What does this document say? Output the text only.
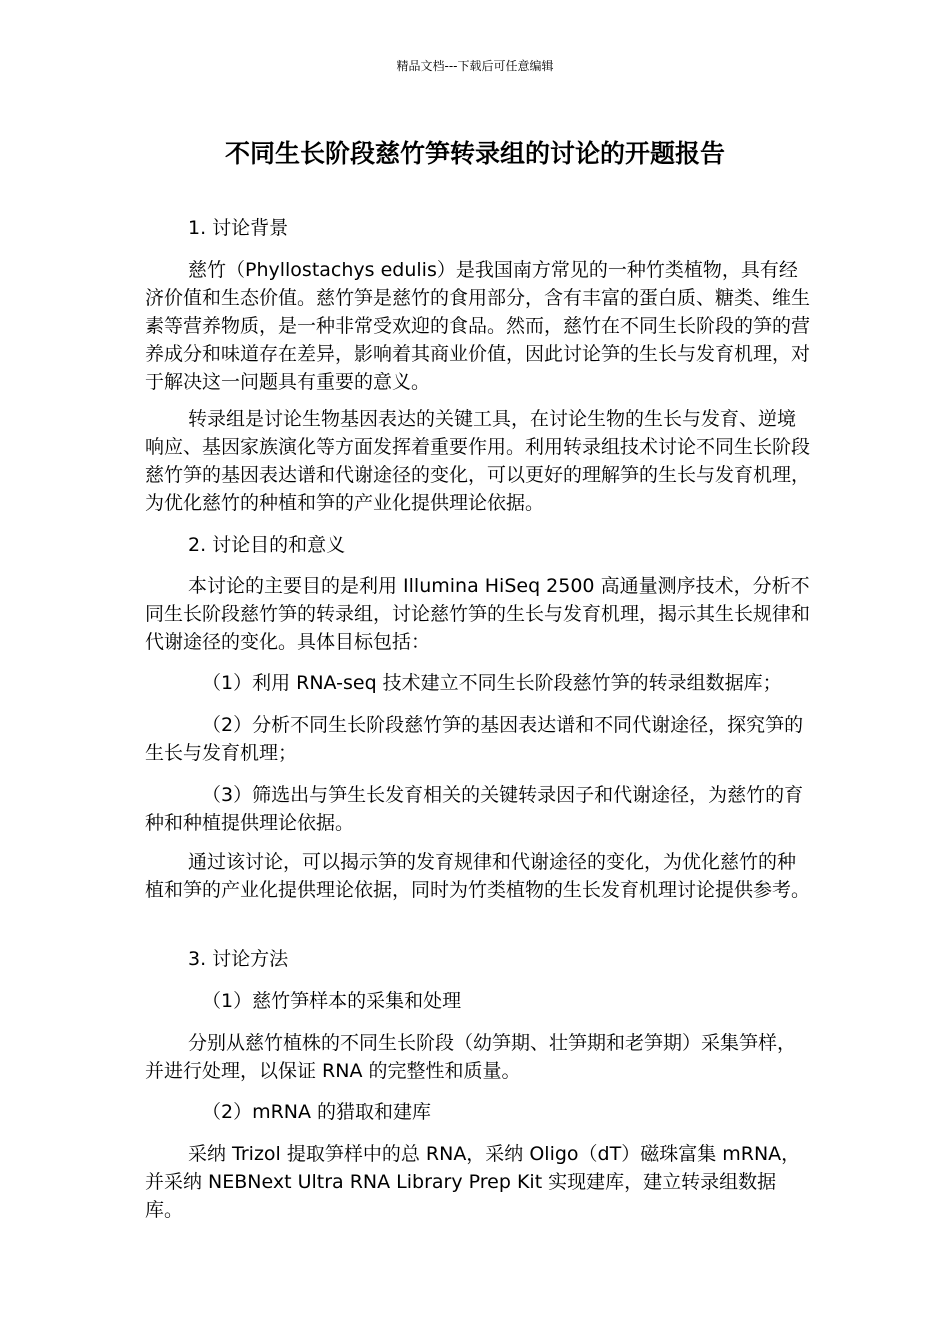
精品文档---下载后可任意编辑
不同生长阶段慈竹笋转录组的讨论的开题报告

1. 讨论背景

慈竹（Phyllostachys edulis）是我国南方常见的一种竹类植物，具有经济价值和生态价值。慈竹笋是慈竹的食用部分，含有丰富的蛋白质、糖类、维生素等营养物质，是一种非常受欢迎的食品。然而，慈竹在不同生长阶段的笋的营养成分和味道存在差异，影响着其商业价值，因此讨论笋的生长与发育机理，对于解决这一问题具有重要的意义。

转录组是讨论生物基因表达的关键工具，在讨论生物的生长与发育、逆境响应、基因家族演化等方面发挥着重要作用。利用转录组技术讨论不同生长阶段慈竹笋的基因表达谱和代谢途径的变化，可以更好的理解笋的生长与发育机理，为优化慈竹的种植和笋的产业化提供理论依据。

2. 讨论目的和意义

本讨论的主要目的是利用 Illumina HiSeq 2500 高通量测序技术，分析不同生长阶段慈竹笋的转录组，讨论慈竹笋的生长与发育机理，揭示其生长规律和代谢途径的变化。具体目标包括：

（1）利用 RNA-seq 技术建立不同生长阶段慈竹笋的转录组数据库；

（2）分析不同生长阶段慈竹笋的基因表达谱和不同代谢途径，探究笋的生长与发育机理；

（3）筛选出与笋生长发育相关的关键转录因子和代谢途径，为慈竹的育种和种植提供理论依据。

通过该讨论，可以揭示笋的发育规律和代谢途径的变化，为优化慈竹的种植和笋的产业化提供理论依据，同时为竹类植物的生长发育机理讨论提供参考。

3. 讨论方法

（1）慈竹笋样本的采集和处理

分别从慈竹植株的不同生长阶段（幼笋期、壮笋期和老笋期）采集笋样，并进行处理，以保证 RNA 的完整性和质量。

（2）mRNA 的猎取和建库

采纳 Trizol 提取笋样中的总 RNA，采纳 Oligo（dT）磁珠富集 mRNA，并采纳 NEBNext Ultra RNA Library Prep Kit 实现建库，建立转录组数据库。
